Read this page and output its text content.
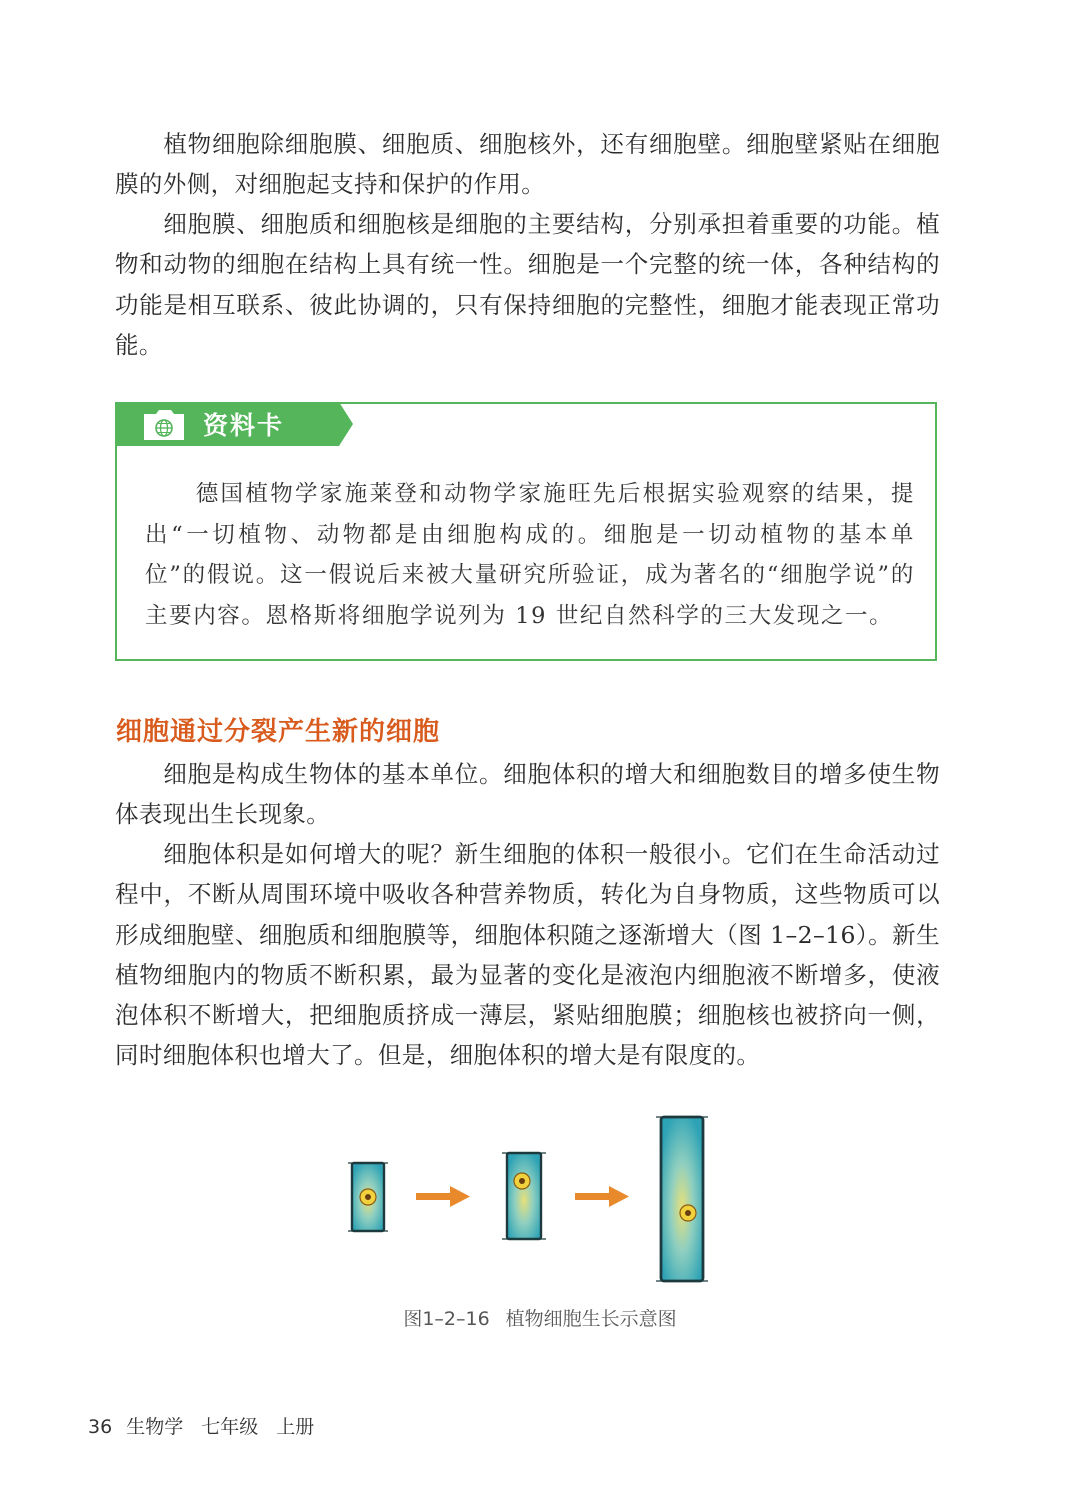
植物细胞除细胞膜、细胞质、细胞核外，还有细胞壁。细胞壁紧贴在细胞膜的外侧，对细胞起支持和保护的作用。

细胞膜、细胞质和细胞核是细胞的主要结构，分别承担着重要的功能。植物和动物的细胞在结构上具有统一性。细胞是一个完整的统一体，各种结构的功能是相互联系、彼此协调的，只有保持细胞的完整性，细胞才能表现正常功能。

资料卡

德国植物学家施莱登和动物学家施旺先后根据实验观察的结果，提出“一切植物、动物都是由细胞构成的。细胞是一切动植物的基本单位”的假说。这一假说后来被大量研究所验证，成为著名的“细胞学说”的主要内容。恩格斯将细胞学说列为 19 世纪自然科学的三大发现之一。

细胞通过分裂产生新的细胞

细胞是构成生物体的基本单位。细胞体积的增大和细胞数目的增多使生物体表现出生长现象。

细胞体积是如何增大的呢？新生细胞的体积一般很小。它们在生命活动过程中，不断从周围环境中吸收各种营养物质，转化为自身物质，这些物质可以形成细胞壁、细胞质和细胞膜等，细胞体积随之逐渐增大（图 1–2–16）。新生植物细胞内的物质不断积累，最为显著的变化是液泡内细胞液不断增多，使液泡体积不断增大，把细胞质挤成一薄层，紧贴细胞膜；细胞核也被挤向一侧，同时细胞体积也增大了。但是，细胞体积的增大是有限度的。

图1–2–16 植物细胞生长示意图
36 生物学 七年级 上册
